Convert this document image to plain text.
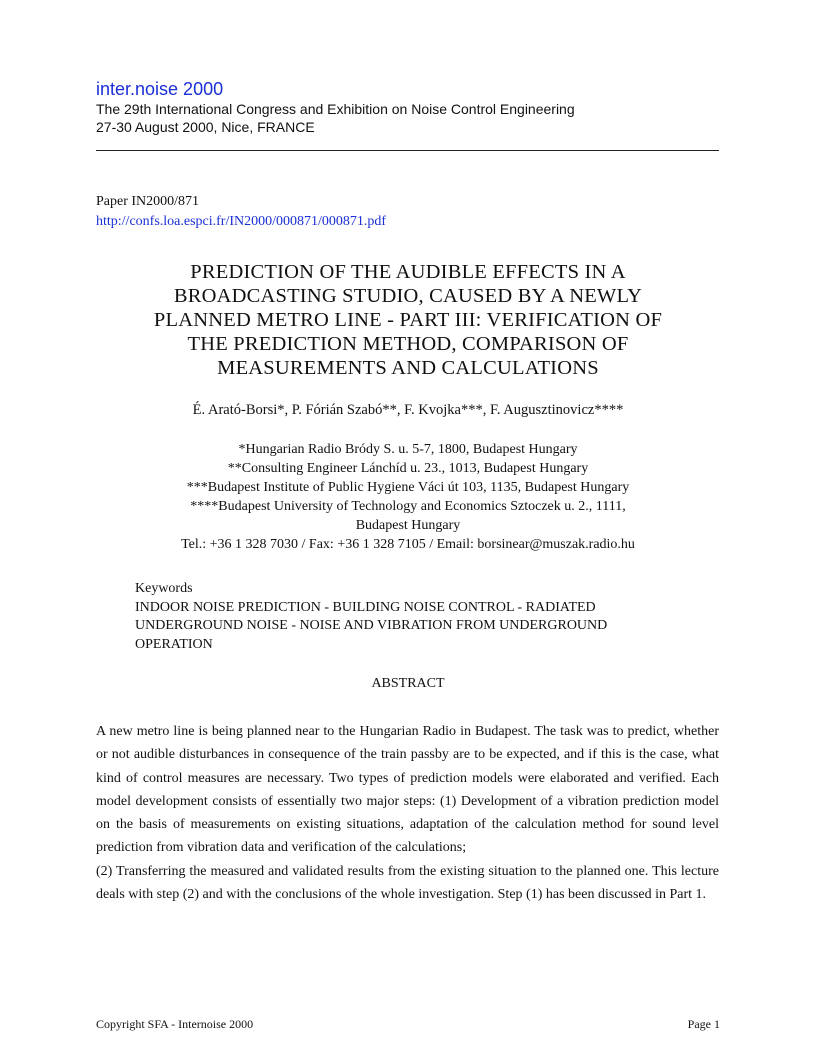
inter.noise 2000
The 29th International Congress and Exhibition on Noise Control Engineering
27-30 August 2000, Nice, FRANCE
Paper IN2000/871
http://confs.loa.espci.fr/IN2000/000871/000871.pdf
PREDICTION OF THE AUDIBLE EFFECTS IN A
BROADCASTING STUDIO, CAUSED BY A NEWLY
PLANNED METRO LINE - PART III: VERIFICATION OF
THE PREDICTION METHOD, COMPARISON OF
MEASUREMENTS AND CALCULATIONS
É. Arató-Borsi*, P. Fórián Szabó**, F. Kvojka***, F. Augusztinovicz****
*Hungarian Radio Bródy S. u. 5-7, 1800, Budapest Hungary
**Consulting Engineer Lánchíd u. 23., 1013, Budapest Hungary
***Budapest Institute of Public Hygiene Váci út 103, 1135, Budapest Hungary
****Budapest University of Technology and Economics Sztoczek u. 2., 1111,
Budapest Hungary
Tel.: +36 1 328 7030 / Fax: +36 1 328 7105 / Email: borsinear@muszak.radio.hu
Keywords
INDOOR NOISE PREDICTION - BUILDING NOISE CONTROL - RADIATED
UNDERGROUND NOISE - NOISE AND VIBRATION FROM UNDERGROUND
OPERATION
ABSTRACT

A new metro line is being planned near to the Hungarian Radio in Budapest. The task was to predict, whether or not audible disturbances in consequence of the train passby are to be expected, and if this is the case, what kind of control measures are necessary. Two types of prediction models were elaborated and verified. Each model development consists of essentially two major steps: (1) Development of a vibration prediction model on the basis of measurements on existing situations, adaptation of the calculation method for sound level prediction from vibration data and verification of the calculations;

(2) Transferring the measured and validated results from the existing situation to the planned one. This lecture deals with step (2) and with the conclusions of the whole investigation. Step (1) has been discussed in Part 1.

Copyright SFA - Internoise 2000	Page 1
